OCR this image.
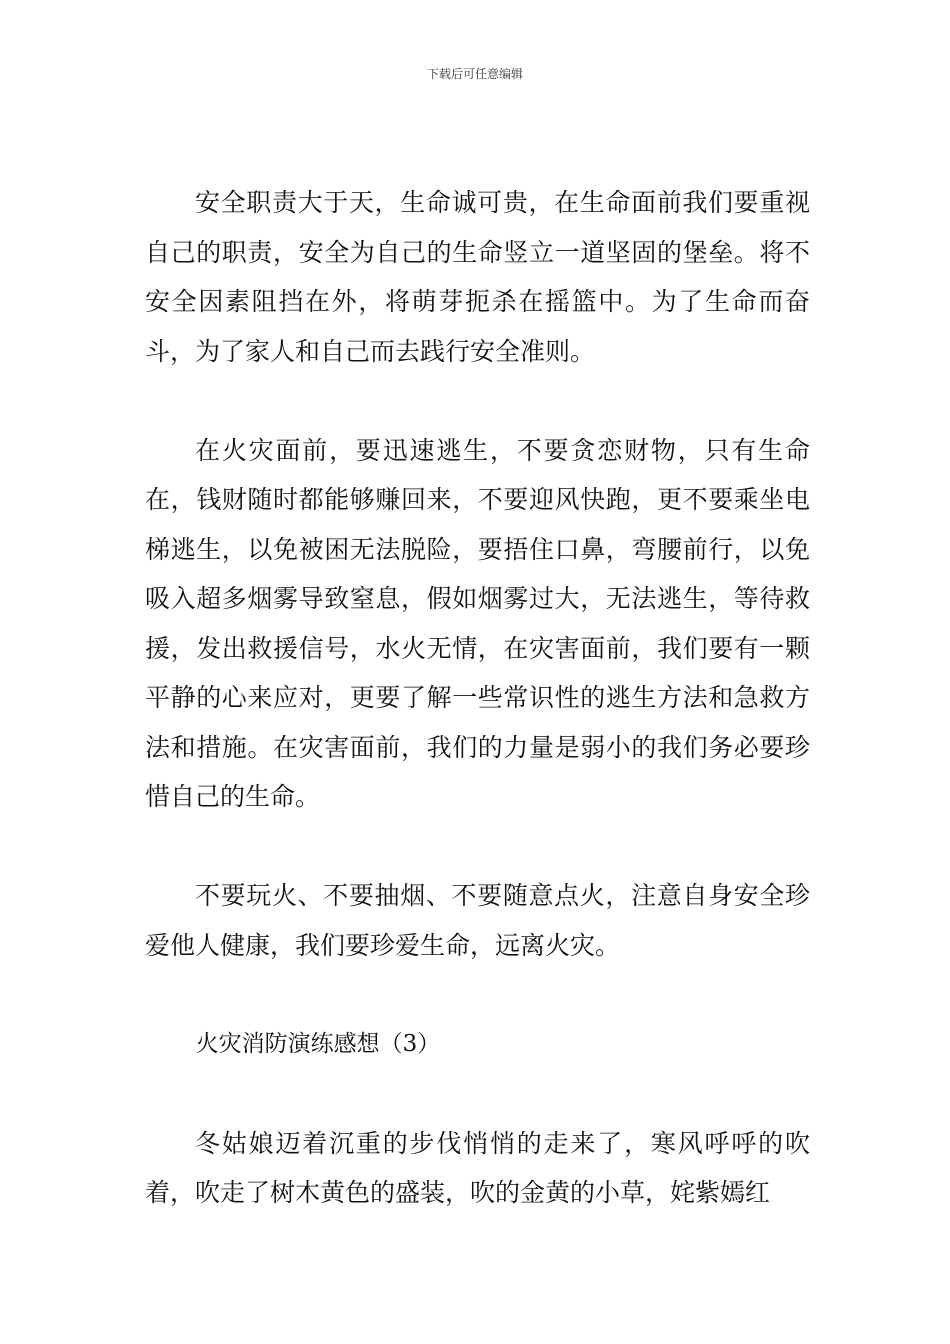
下载后可任意编辑

安全职责大于天，生命诚可贵，在生命面前我们要重视自己的职责，安全为自己的生命竖立一道坚固的堡垒。将不安全因素阻挡在外，将萌芽扼杀在摇篮中。为了生命而奋斗，为了家人和自己而去践行安全准则。

在火灾面前，要迅速逃生，不要贪恋财物，只有生命在，钱财随时都能够赚回来，不要迎风快跑，更不要乘坐电梯逃生，以免被困无法脱险，要捂住口鼻，弯腰前行，以免吸入超多烟雾导致窒息，假如烟雾过大，无法逃生，等待救援，发出救援信号，水火无情，在灾害面前，我们要有一颗平静的心来应对，更要了解一些常识性的逃生方法和急救方法和措施。在灾害面前，我们的力量是弱小的我们务必要珍惜自己的生命。

不要玩火、不要抽烟、不要随意点火，注意自身安全珍爱他人健康，我们要珍爱生命，远离火灾。

火灾消防演练感想（3）

冬姑娘迈着沉重的步伐悄悄的走来了，寒风呼呼的吹着，吹走了树木黄色的盛装，吹的金黄的小草，姹紫嫣红
